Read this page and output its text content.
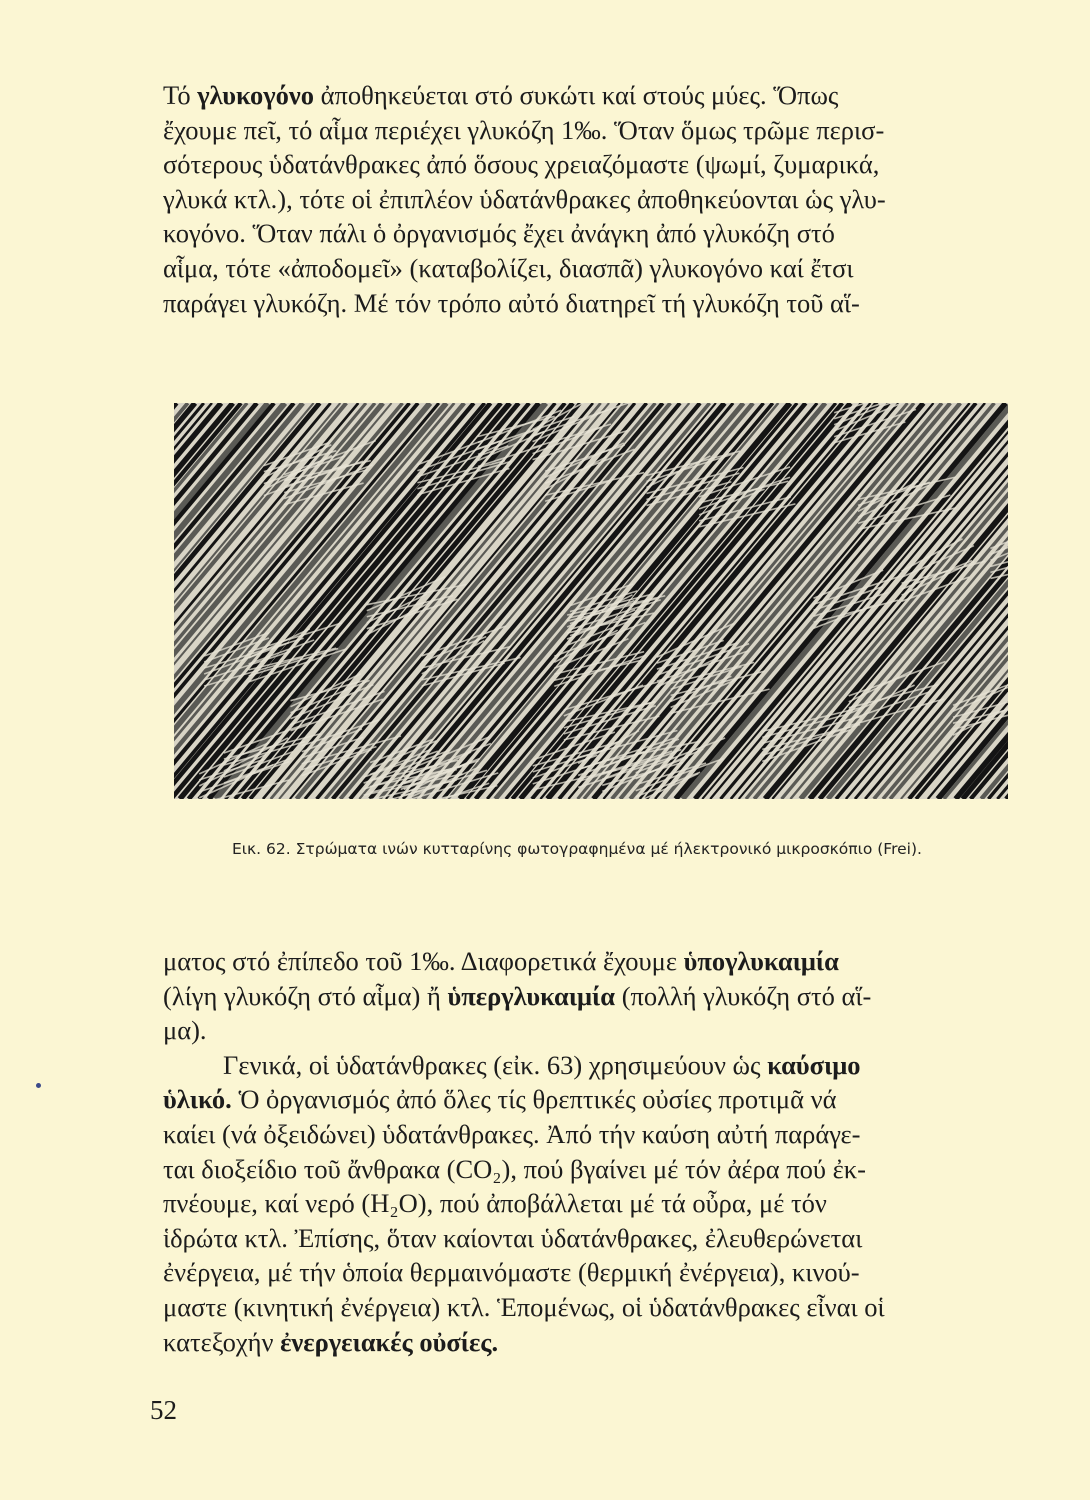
Τό γλυκογόνο ἀποθηκεύεται στό συκώτι καί στούς μύες. Ὅπως
ἔχουμε πεῖ, τό αἷμα περιέχει γλυκόζη 1‰. Ὅταν ὅμως τρῶμε περισ-
σότερους ὑδατάνθρακες ἀπό ὅσους χρειαζόμαστε (ψωμί, ζυμαρικά,
γλυκά κτλ.), τότε οἱ ἐπιπλέον ὑδατάνθρακες ἀποθηκεύονται ὡς γλυ-
κογόνο. Ὅταν πάλι ὁ ὀργανισμός ἔχει ἀνάγκη ἀπό γλυκόζη στό
αἷμα, τότε «ἀποδομεῖ» (καταβολίζει, διασπᾶ) γλυκογόνο καί ἔτσι
παράγει γλυκόζη. Μέ τόν τρόπο αὐτό διατηρεῖ τή γλυκόζη τοῦ αἵ-
Εικ. 62. Στρώματα ινών κυτταρίνης φωτογραφημένα μέ ήλεκτρονικό μικροσκόπιο (Frei).
ματος στό ἐπίπεδο τοῦ 1‰. Διαφορετικά ἔχουμε ὑπογλυκαιμία
(λίγη γλυκόζη στό αἷμα) ἤ ὑπεργλυκαιμία (πολλή γλυκόζη στό αἵ-
μα).
Γενικά, οἱ ὑδατάνθρακες (εἰκ. 63) χρησιμεύουν ὡς καύσιμο
ὑλικό. Ὁ ὀργανισμός ἀπό ὅλες τίς θρεπτικές οὐσίες προτιμᾶ νά
καίει (νά ὀξειδώνει) ὑδατάνθρακες. Ἀπό τήν καύση αὐτή παράγε-
ται διοξείδιο τοῦ ἄνθρακα (CO₂), πού βγαίνει μέ τόν ἀέρα πού ἐκ-
πνέουμε, καί νερό (H₂O), πού ἀποβάλλεται μέ τά οὖρα, μέ τόν
ἱδρώτα κτλ. Ἐπίσης, ὅταν καίονται ὑδατάνθρακες, ἐλευθερώνεται
ἐνέργεια, μέ τήν ὁποία θερμαινόμαστε (θερμική ἐνέργεια), κινού-
μαστε (κινητική ἐνέργεια) κτλ. Ἑπομένως, οἱ ὑδατάνθρακες εἶναι οἱ
κατεξοχήν ἐνεργειακές οὐσίες.
52
